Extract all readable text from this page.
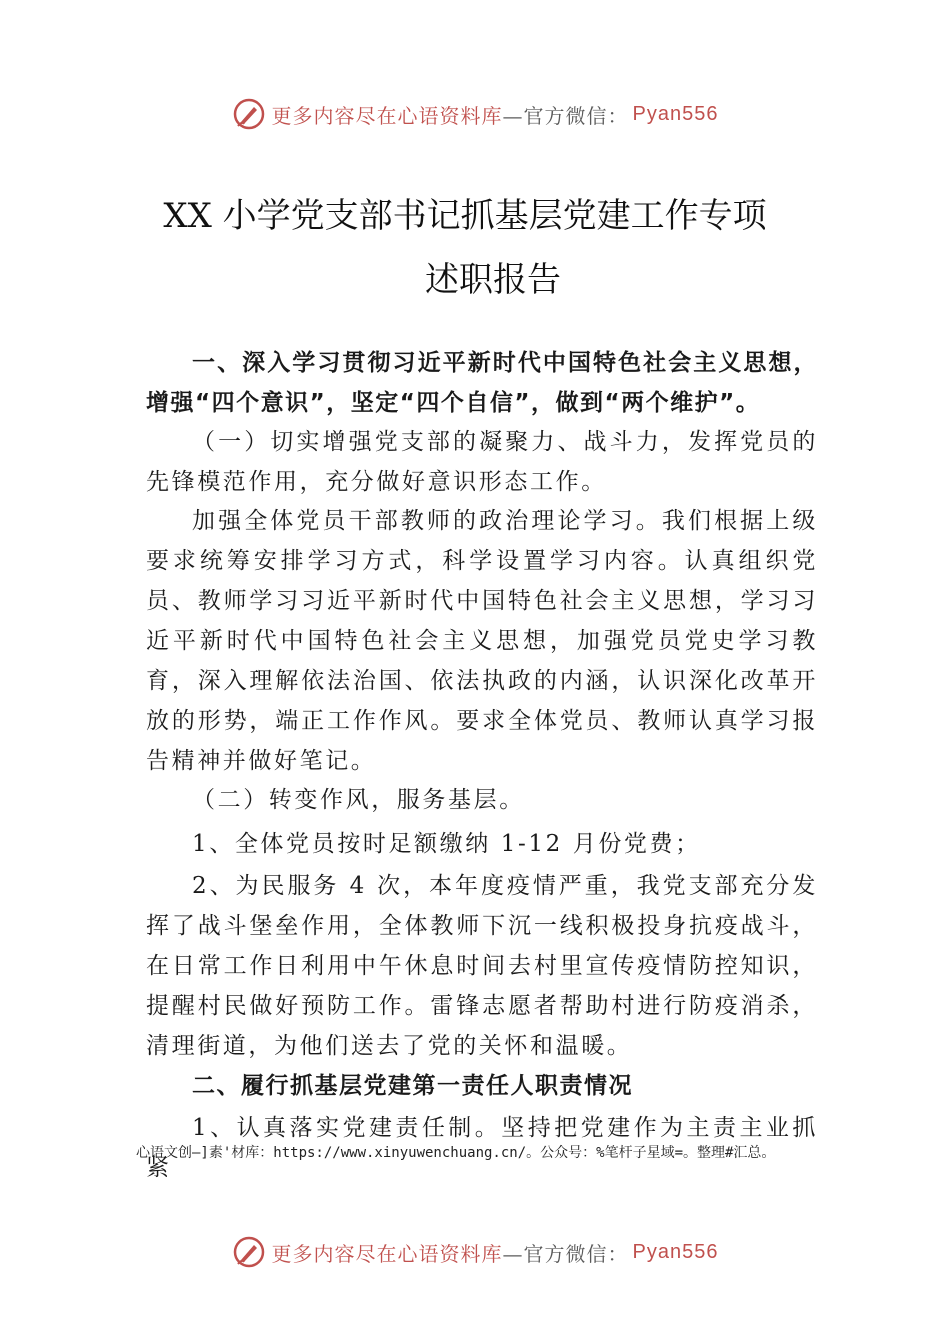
更多内容尽在心语资料库 —官方微信： Pyan556
XX 小学党支部书记抓基层党建工作专项
述职报告

一、深入学习贯彻习近平新时代中国特色社会主义思想，增强“四个意识”，坚定“四个自信”，做到“两个维护”。

（一）切实增强党支部的凝聚力、战斗力，发挥党员的先锋模范作用，充分做好意识形态工作。

加强全体党员干部教师的政治理论学习。我们根据上级要求统筹安排学习方式，科学设置学习内容。认真组织党员、教师学习习近平新时代中国特色社会主义思想，学习习近平新时代中国特色社会主义思想，加强党员党史学习教育，深入理解依法治国、依法执政的内涵，认识深化改革开放的形势，端正工作作风。要求全体党员、教师认真学习报告精神并做好笔记。

（二）转变作风，服务基层。

1、全体党员按时足额缴纳 1-12 月份党费；

2、为民服务 4 次，本年度疫情严重，我党支部充分发挥了战斗堡垒作用，全体教师下沉一线积极投身抗疫战斗，在日常工作日利用中午休息时间去村里宣传疫情防控知识，提醒村民做好预防工作。雷锋志愿者帮助村进行防疫消杀，清理街道，为他们送去了党的关怀和温暖。

二、履行抓基层党建第一责任人职责情况

1、认真落实党建责任制。坚持把党建作为主责主业抓紧

心语文创—]素'材库：https://www.xinyuwenchuang.cn/。公众号：%笔杆子星域=。整理#汇总。
更多内容尽在心语资料库 —官方微信： Pyan556
